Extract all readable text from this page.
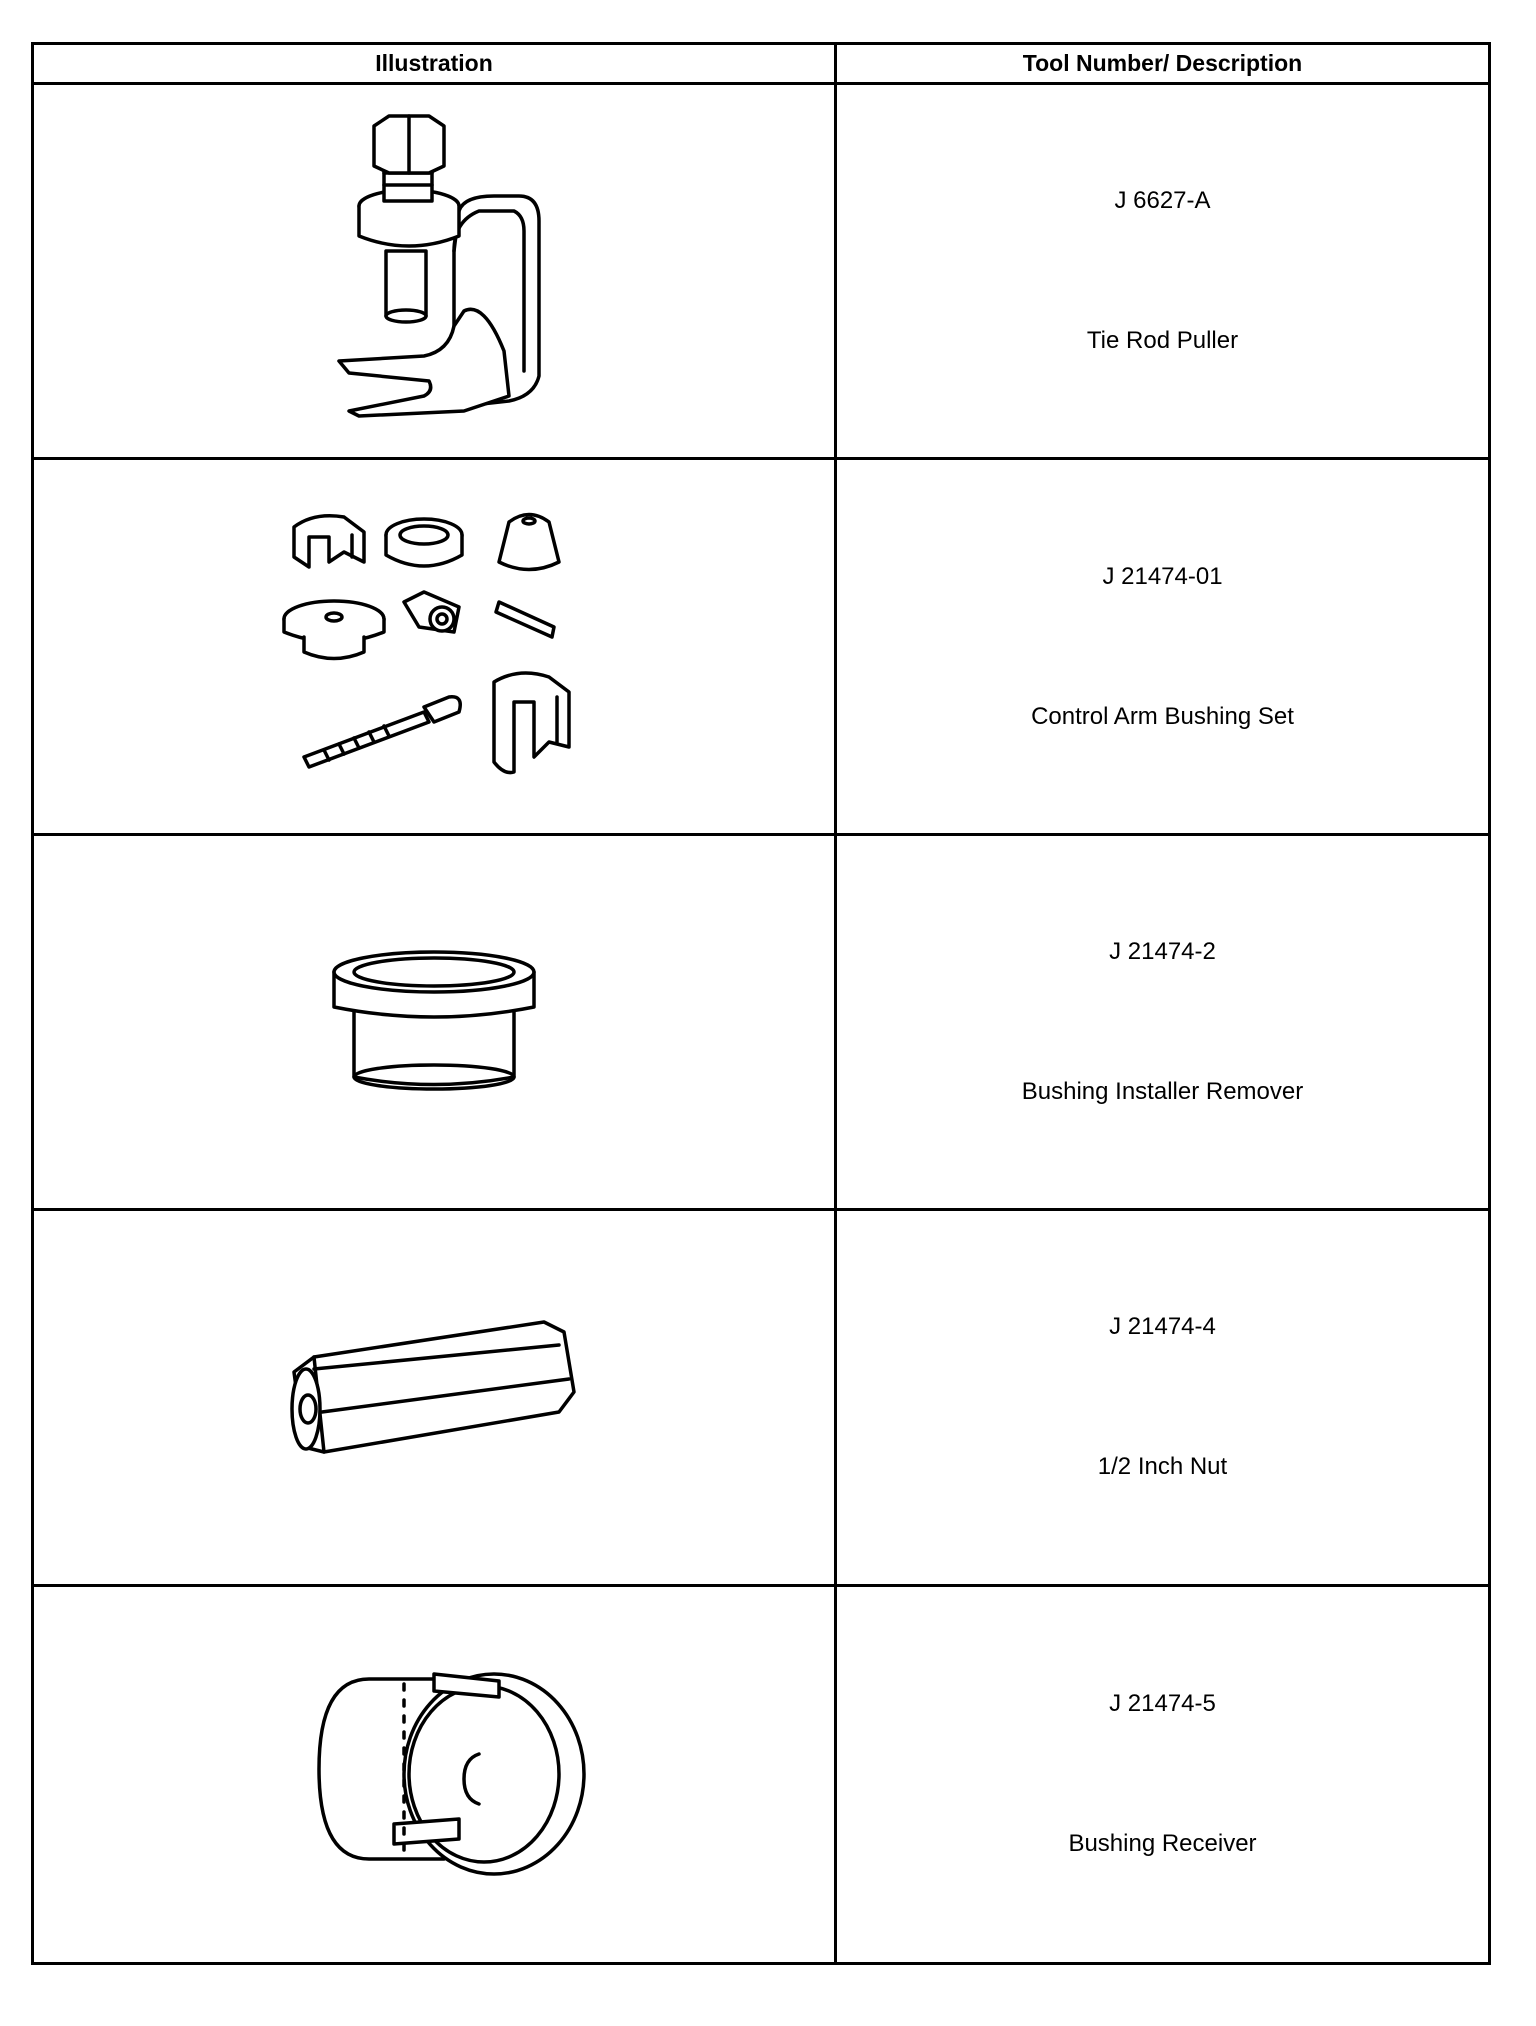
Illustration	Tool Number/ Description
J 6627-A
Tie Rod Puller
J 21474-01
Control Arm Bushing Set
J 21474-2
Bushing Installer Remover
J 21474-4
1/2 Inch Nut
J 21474-5
Bushing Receiver
